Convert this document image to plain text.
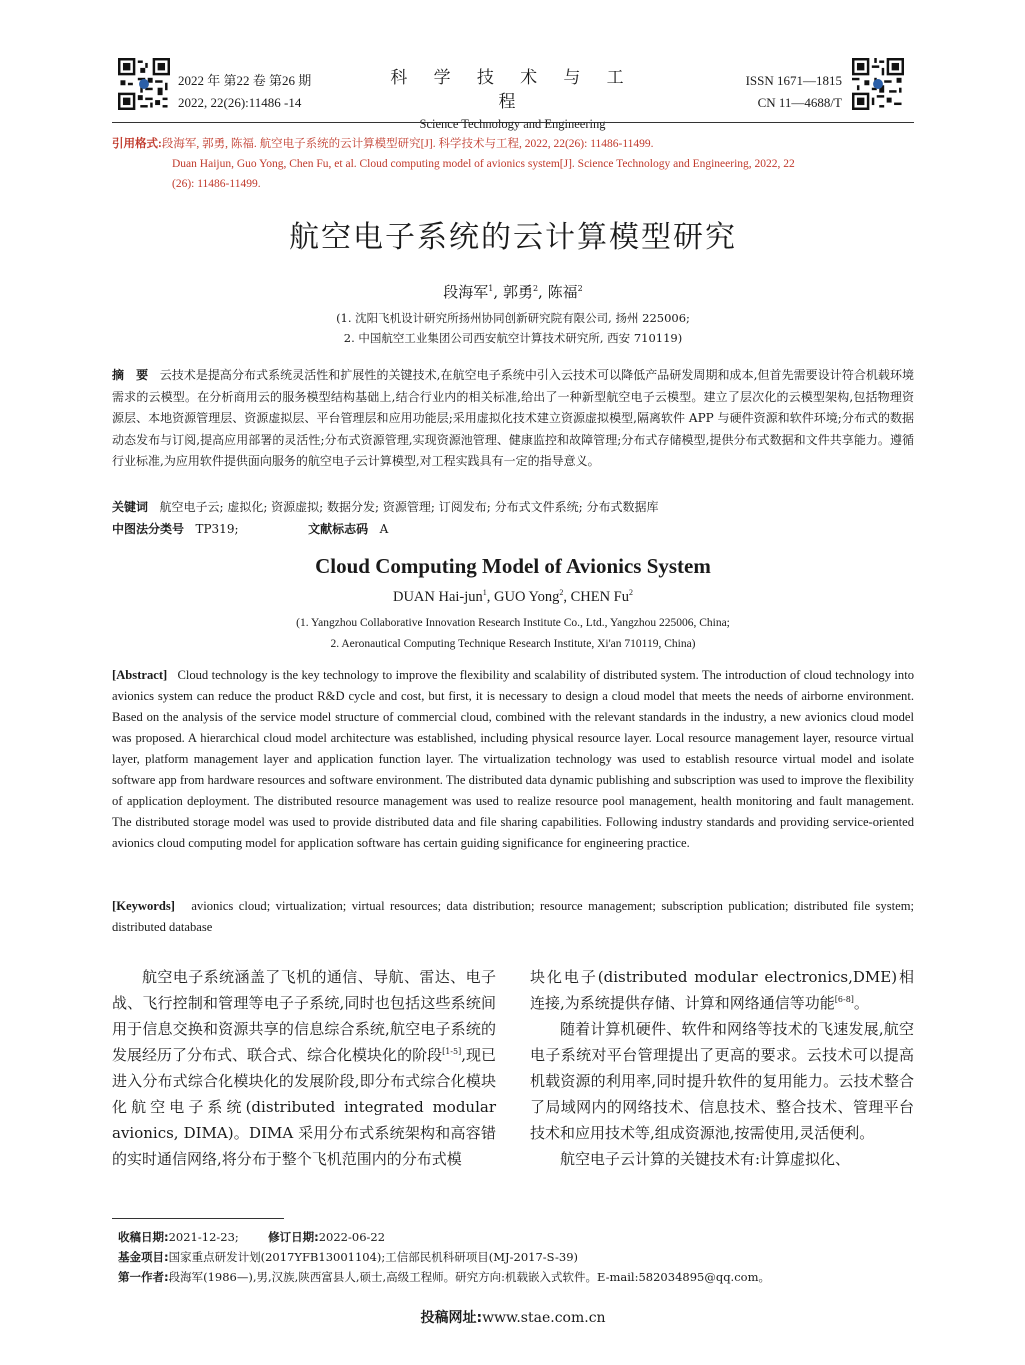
2022 年 第22 卷 第26 期
2022, 22(26):11486 -14
科 学 技 术 与 工 程
Science Technology and Engineering
ISSN 1671—1815
CN 11—4688/T
引用格式:段海军, 郭勇, 陈福. 航空电子系统的云计算模型研究[J]. 科学技术与工程, 2022, 22(26): 11486-11499.
Duan Haijun, Guo Yong, Chen Fu, et al. Cloud computing model of avionics system[J]. Science Technology and Engineering, 2022, 22
(26): 11486-11499.
航空电子系统的云计算模型研究
段海军$^1$, 郭勇$^2$, 陈福$^2$
(1. 沈阳飞机设计研究所扬州协同创新研究院有限公司, 扬州 225006;
2. 中国航空工业集团公司西安航空计算技术研究所, 西安 710119)
摘　要 云技术是提高分布式系统灵活性和扩展性的关键技术,在航空电子系统中引入云技术可以降低产品研发周期和成本,但首先需要设计符合机载环境需求的云模型。在分析商用云的服务模型结构基础上,结合行业内的相关标准,给出了一种新型航空电子云模型。建立了层次化的云模型架构,包括物理资源层、本地资源管理层、资源虚拟层、平台管理层和应用功能层;采用虚拟化技术建立资源虚拟模型,隔离软件 APP 与硬件资源和软件环境;分布式的数据动态发布与订阅,提高应用部署的灵活性;分布式资源管理,实现资源池管理、健康监控和故障管理;分布式存储模型,提供分布式数据和文件共享能力。遵循行业标准,为应用软件提供面向服务的航空电子云计算模型,对工程实践具有一定的指导意义。
关键词 航空电子云; 虚拟化; 资源虚拟; 数据分发; 资源管理; 订阅发布; 分布式文件系统; 分布式数据库
中图法分类号 TP319;	文献标志码 A
Cloud Computing Model of Avionics System
DUAN Hai-jun$^1$, GUO Yong$^2$, CHEN Fu$^2$
(1. Yangzhou Collaborative Innovation Research Institute Co., Ltd., Yangzhou 225006, China;
2. Aeronautical Computing Technique Research Institute, Xi'an 710119, China)
[Abstract] Cloud technology is the key technology to improve the flexibility and scalability of distributed system. The introduction of cloud technology into avionics system can reduce the product R&D cycle and cost, but first, it is necessary to design a cloud model that meets the needs of airborne environment. Based on the analysis of the service model structure of commercial cloud, combined with the relevant standards in the industry, a new avionics cloud model was proposed. A hierarchical cloud model architecture was established, including physical resource layer. Local resource management layer, resource virtual layer, platform management layer and application function layer. The virtualization technology was used to establish resource virtual model and isolate software app from hardware resources and software environment. The distributed data dynamic publishing and subscription was used to improve the flexibility of application deployment. The distributed resource management was used to realize resource pool management, health monitoring and fault management. The distributed storage model was used to provide distributed data and file sharing capabilities. Following industry standards and providing service-oriented avionics cloud computing model for application software has certain guiding significance for engineering practice.
[Keywords] avionics cloud; virtualization; virtual resources; data distribution; resource management; subscription publication; distributed file system; distributed database

航空电子系统涵盖了飞机的通信、导航、雷达、电子战、飞行控制和管理等电子子系统,同时也包括这些系统间用于信息交换和资源共享的信息综合系统,航空电子系统的发展经历了分布式、联合式、综合化模块化的阶段[1-5],现已进入分布式综合化模块化的发展阶段,即分布式综合化模块化航空电子系统(distributed integrated modular avionics, DIMA)。DIMA 采用分布式系统架构和高容错的实时通信网络,将分布于整个飞机范围内的分布式模

块化电子(distributed modular electronics,DME)相连接,为系统提供存储、计算和网络通信等功能[6-8]。

随着计算机硬件、软件和网络等技术的飞速发展,航空电子系统对平台管理提出了更高的要求。云技术可以提高机载资源的利用率,同时提升软件的复用能力。云技术整合了局域网内的网络技术、信息技术、整合技术、管理平台技术和应用技术等,组成资源池,按需使用,灵活便利。

航空电子云计算的关键技术有:计算虚拟化、

收稿日期:2021-12-23;	修订日期:2022-06-22
基金项目:国家重点研发计划(2017YFB13001104);工信部民机科研项目(MJ-2017-S-39)
第一作者:段海军(1986—),男,汉族,陕西富县人,硕士,高级工程师。研究方向:机载嵌入式软件。E-mail:582034895@qq.com。
投稿网址:www.stae.com.cn
